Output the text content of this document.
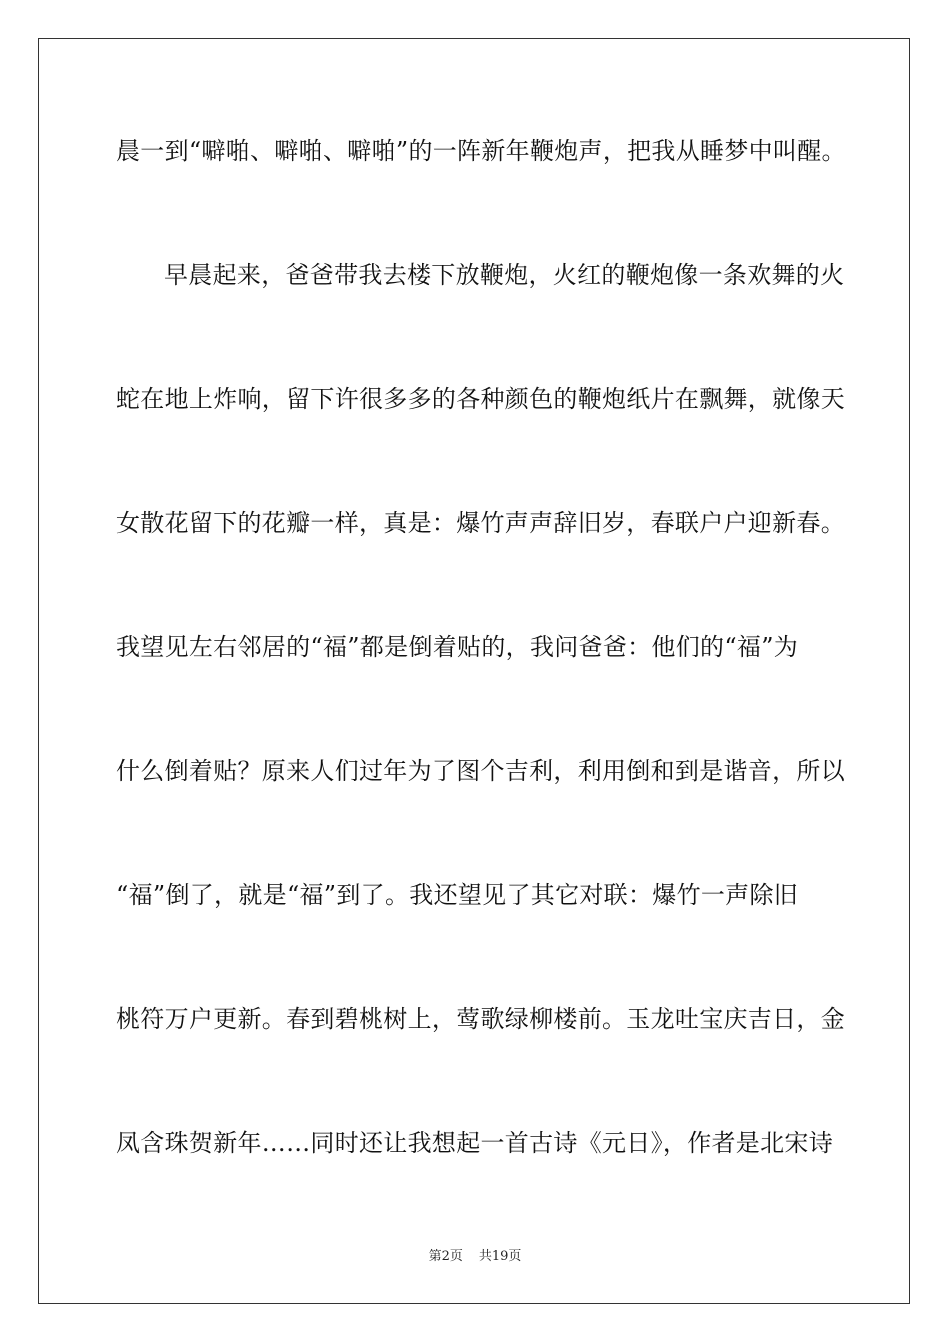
晨一到“噼啪、噼啪、噼啪”的一阵新年鞭炮声，把我从睡梦中叫醒。
早晨起来，爸爸带我去楼下放鞭炮，火红的鞭炮像一条欢舞的火
蛇在地上炸响，留下许很多多的各种颜色的鞭炮纸片在飘舞，就像天
女散花留下的花瓣一样，真是：爆竹声声辞旧岁，春联户户迎新春。
我望见左右邻居的“福”都是倒着贴的，我问爸爸：他们的“福”为
什么倒着贴？原来人们过年为了图个吉利，利用倒和到是谐音，所以
“福”倒了，就是“福”到了。我还望见了其它对联：爆竹一声除旧
桃符万户更新。春到碧桃树上，莺歌绿柳楼前。玉龙吐宝庆吉日，金
凤含珠贺新年……同时还让我想起一首古诗《元日》，作者是北宋诗
第2页 共19页
